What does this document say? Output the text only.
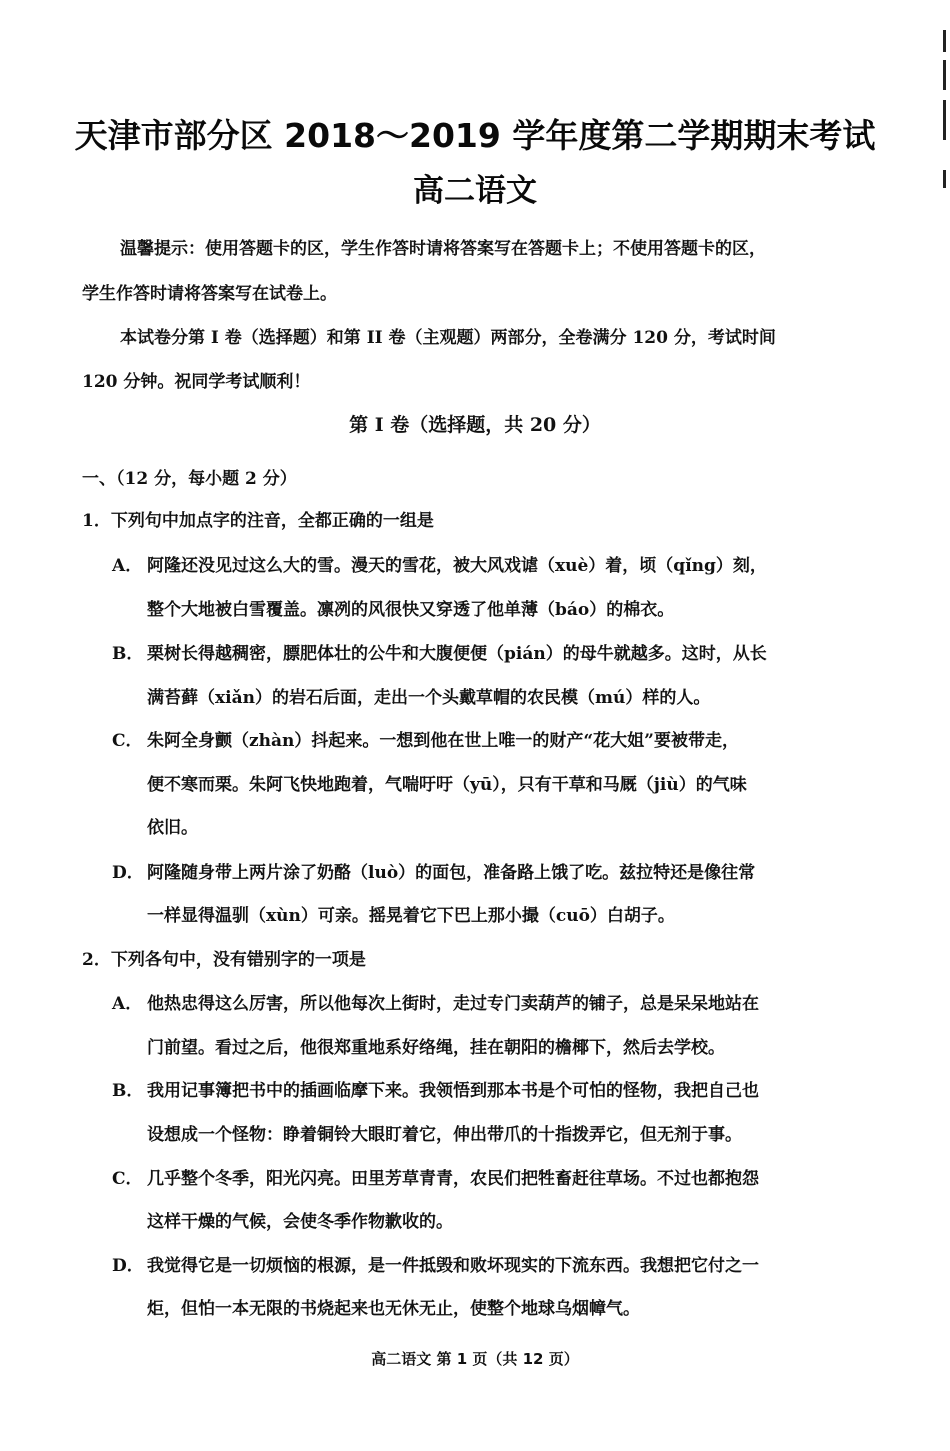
天津市部分区 2018～2019 学年度第二学期期末考试
高二语文
温馨提示：使用答题卡的区，学生作答时请将答案写在答题卡上；不使用答题卡的区，
学生作答时请将答案写在试卷上。
本试卷分第 I 卷（选择题）和第 II 卷（主观题）两部分，全卷满分 120 分，考试时间
120 分钟。祝同学考试顺利！
第 I 卷（选择题，共 20 分）
一、（12 分，每小题 2 分）
1．下列句中加点字的注音，全都正确的一组是
A． 阿隆还没见过这么大的雪。漫天的雪花，被大风戏谑（xuè）着，顷（qǐng）刻，
整个大地被白雪覆盖。凛冽的风很快又穿透了他单薄（báo）的棉衣。
B． 栗树长得越稠密，膘肥体壮的公牛和大腹便便（pián）的母牛就越多。这时，从长
满苔藓（xiǎn）的岩石后面，走出一个头戴草帽的农民模（mú）样的人。
C． 朱阿全身颤（zhàn）抖起来。一想到他在世上唯一的财产“花大姐”要被带走，
便不寒而栗。朱阿飞快地跑着，气喘吁吁（yū），只有干草和马厩（jiù）的气味
依旧。
D． 阿隆随身带上两片涂了奶酪（luò）的面包，准备路上饿了吃。兹拉特还是像往常
一样显得温驯（xùn）可亲。摇晃着它下巴上那小撮（cuō）白胡子。
2．下列各句中，没有错别字的一项是
A． 他热忠得这么厉害，所以他每次上街时，走过专门卖葫芦的铺子，总是呆呆地站在
门前望。看过之后，他很郑重地系好络绳，挂在朝阳的檐椰下，然后去学校。
B． 我用记事簿把书中的插画临摩下来。我领悟到那本书是个可怕的怪物，我把自己也
设想成一个怪物：睁着铜铃大眼盯着它，伸出带爪的十指拨弄它，但无剂于事。
C． 几乎整个冬季，阳光闪亮。田里芳草青青，农民们把牲畜赶往草场。不过也都抱怨
这样干燥的气候，会使冬季作物歉收的。
D． 我觉得它是一切烦恼的根源，是一件抵毁和败坏现实的下流东西。我想把它付之一
炬，但怕一本无限的书烧起来也无休无止，使整个地球乌烟幛气。
高二语文 第 1 页（共 12 页）
